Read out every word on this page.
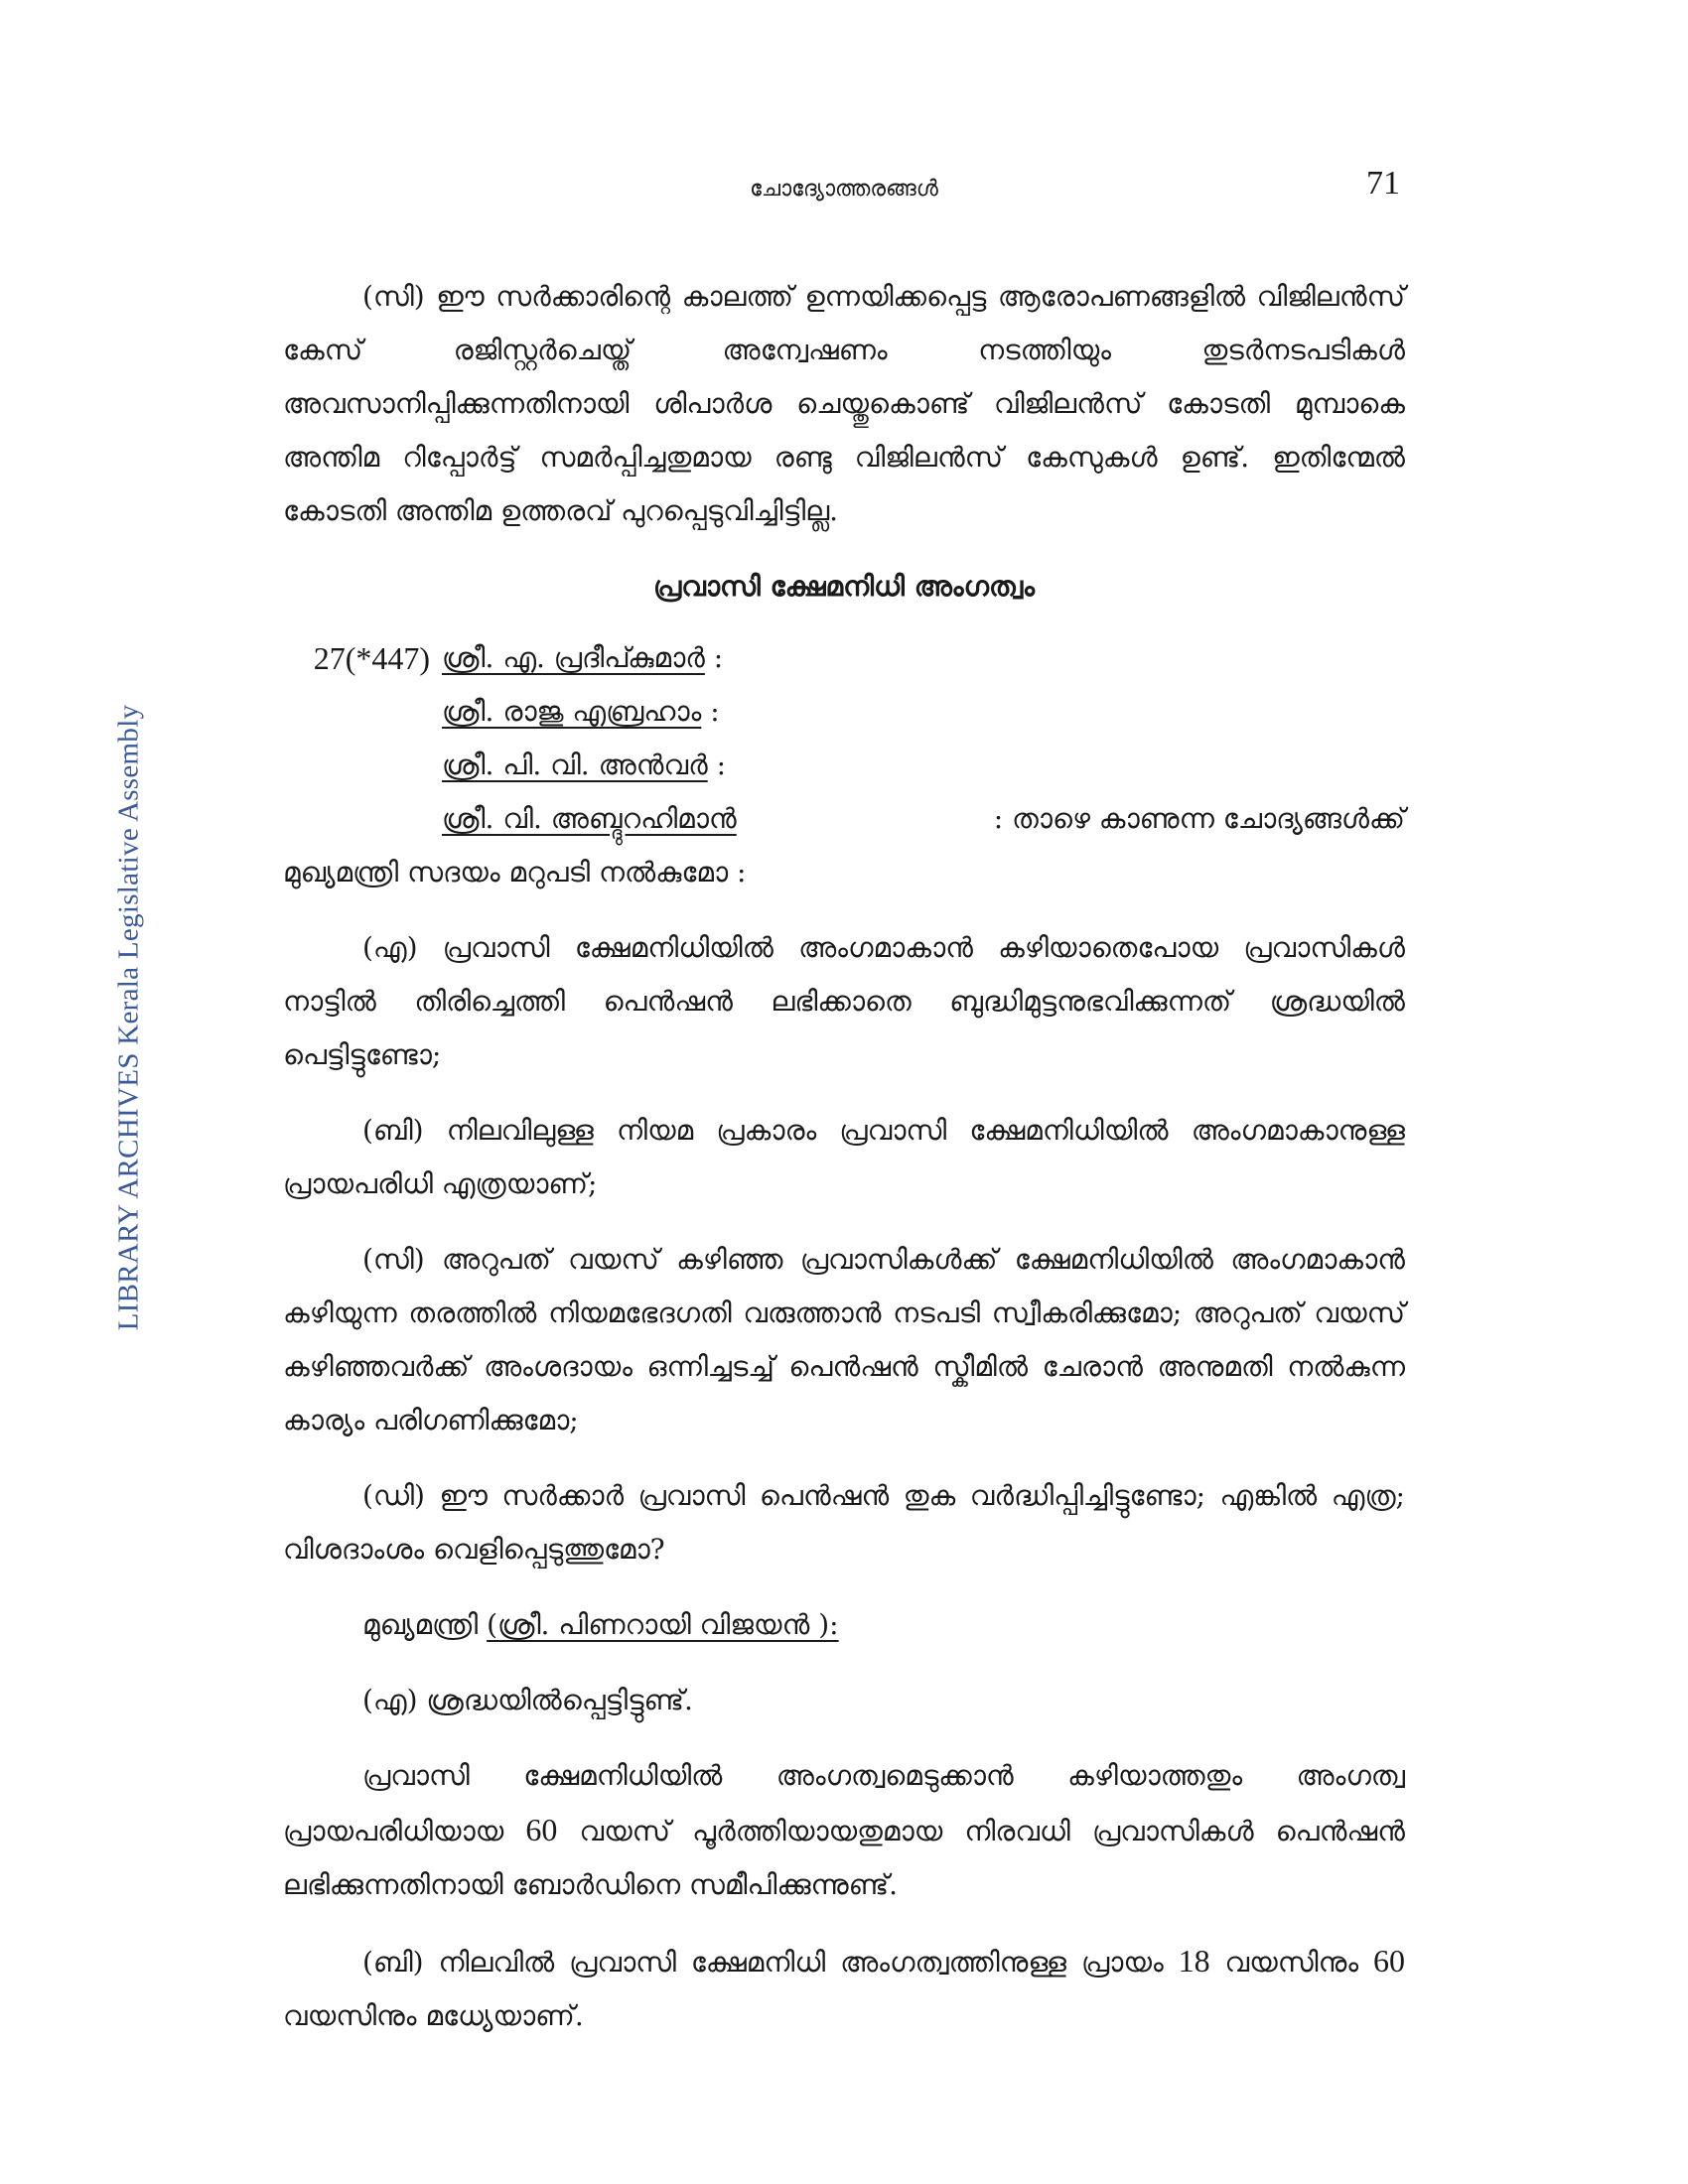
LIBRARY ARCHIVES Kerala Legislative Assembly
ചോദ്യോത്തരങ്ങൾ	71

(സി) ഈ സർക്കാരിന്റെ കാലത്ത് ഉന്നയിക്കപ്പെട്ട ആരോപണങ്ങളിൽ വിജിലൻസ് കേസ് രജിസ്റ്റർചെയ്ത് അന്വേഷണം നടത്തിയും തുടർനടപടികൾ അവസാനിപ്പിക്കുന്നതിനായി ശിപാർശ ചെയ്തുകൊണ്ട് വിജിലൻസ് കോടതി മുമ്പാകെ അന്തിമ റിപ്പോർട്ട് സമർപ്പിച്ചതുമായ രണ്ടു വിജിലൻസ് കേസുകൾ ഉണ്ട്. ഇതിന്മേൽ കോടതി അന്തിമ ഉത്തരവ് പുറപ്പെടുവിച്ചിട്ടില്ല.

പ്രവാസി ക്ഷേമനിധി അംഗത്വം
27(*447) ശ്രീ. എ. പ്രദീപ്കുമാർ :
ശ്രീ. രാജു എബ്രഹാം :
ശ്രീ. പി. വി. അൻവർ :
ശ്രീ. വി. അബ്ദുറഹിമാൻ	: താഴെ കാണുന്ന ചോദ്യങ്ങൾക്ക്
മുഖ്യമന്ത്രി സദയം മറുപടി നൽകുമോ :

(എ) പ്രവാസി ക്ഷേമനിധിയിൽ അംഗമാകാൻ കഴിയാതെപോയ പ്രവാസികൾ നാട്ടിൽ തിരിച്ചെത്തി പെൻഷൻ ലഭിക്കാതെ ബുദ്ധിമുട്ടനുഭവിക്കുന്നത് ശ്രദ്ധയിൽ പെട്ടിട്ടുണ്ടോ;

(ബി) നിലവിലുള്ള നിയമ പ്രകാരം പ്രവാസി ക്ഷേമനിധിയിൽ അംഗമാകാനുള്ള പ്രായപരിധി എത്രയാണ്;

(സി) അറുപത് വയസ് കഴിഞ്ഞ പ്രവാസികൾക്ക് ക്ഷേമനിധിയിൽ അംഗമാകാൻ കഴിയുന്ന തരത്തിൽ നിയമഭേദഗതി വരുത്താൻ നടപടി സ്വീകരിക്കുമോ; അറുപത് വയസ് കഴിഞ്ഞവർക്ക് അംശദായം ഒന്നിച്ചടച്ച് പെൻഷൻ സ്കീമിൽ ചേരാൻ അനുമതി നൽകുന്ന കാര്യം പരിഗണിക്കുമോ;

(ഡി) ഈ സർക്കാർ പ്രവാസി പെൻഷൻ തുക വർദ്ധിപ്പിച്ചിട്ടുണ്ടോ; എങ്കിൽ എത്ര; വിശദാംശം വെളിപ്പെടുത്തുമോ?

മുഖ്യമന്ത്രി (ശ്രീ. പിണറായി വിജയൻ ):

(എ) ശ്രദ്ധയിൽപ്പെട്ടിട്ടുണ്ട്.

പ്രവാസി ക്ഷേമനിധിയിൽ അംഗത്വമെടുക്കാൻ കഴിയാത്തതും അംഗത്വ പ്രായപരിധിയായ 60 വയസ് പൂർത്തിയായതുമായ നിരവധി പ്രവാസികൾ പെൻഷൻ ലഭിക്കുന്നതിനായി ബോർഡിനെ സമീപിക്കുന്നുണ്ട്.

(ബി) നിലവിൽ പ്രവാസി ക്ഷേമനിധി അംഗത്വത്തിനുള്ള പ്രായം 18 വയസിനും 60 വയസിനും മധ്യേയാണ്.
